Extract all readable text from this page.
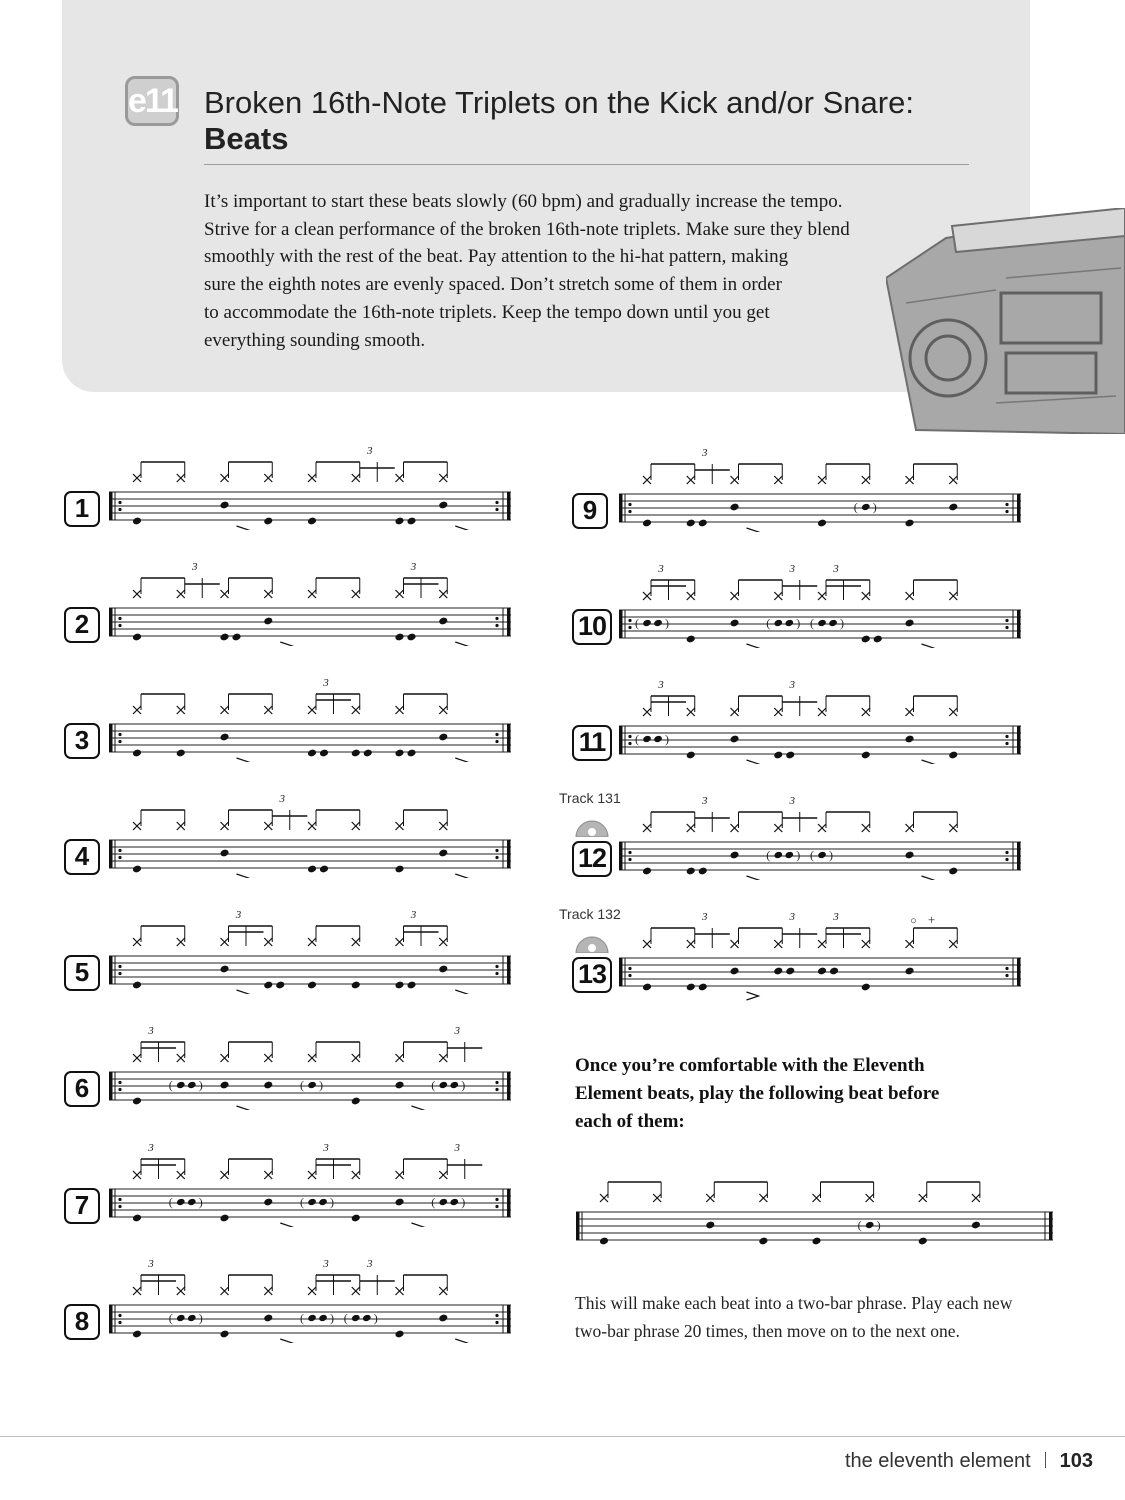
e11 Broken 16th-Note Triplets on the Kick and/or Snare:
Beats
It’s important to start these beats slowly (60 bpm) and gradually increase the tempo.
Strive for a clean performance of the broken 16th-note triplets. Make sure they blend
smoothly with the rest of the beat. Pay attention to the hi-hat pattern, making
sure the eighth notes are evenly spaced. Don’t stretch some of them in order
to accommodate the 16th-note triplets. Keep the tempo down until you get
everything sounding smooth.
1
2
3
4
5
6
7
8
9
10
11
12
13
Track 131
Track 132
3
3	3
3
3
3	3
3
( )	( )
3
( )
3
( )
3
( )
3
( )
3
( )
3
( )
3
( )
3
( )
3
( )
3
( )
3
( )
3
( )
3
3	3
( ) ( )
3	3	3	○ +
Once you’re comfortable with the Eleventh
Element beats, play the following beat before
each of them:
( )
This will make each beat into a two-bar phrase. Play each new
two-bar phrase 20 times, then move on to the next one.
the eleventh element 103
